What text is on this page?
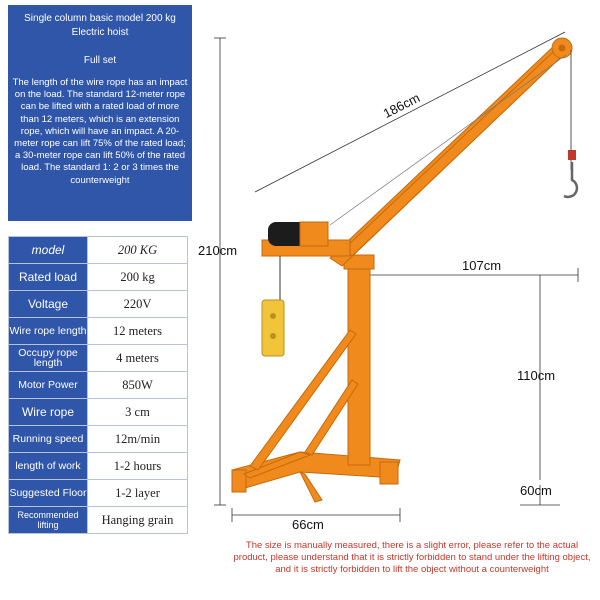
Single column basic model 200 kg
Electric hoist
Full set
The length of the wire rope has an impact on the load. The standard 12-meter rope can be lifted with a rated load of more than 12 meters, which is an extension rope, which will have an impact. A 20-meter rope can lift 75% of the rated load; a 30-meter rope can lift 50% of the rated load. The standard 1: 2 or 3 times the counterweight
model	200 KG
Rated load	200 kg
Voltage	220V
Wire rope length	12 meters
Occupy rope length	4 meters
Motor Power	850W
Wire rope	3 cm
Running speed	12m/min
length of work	1-2 hours
Suggested Floor	1-2 layer
Recommended lifting	Hanging grain
186cm
210cm
107cm
110cm
60cm
66cm
The size is manually measured, there is a slight error, please refer to the actual product, please understand that it is strictly forbidden to stand under the lifting object, and it is strictly forbidden to lift the object without a counterweight
